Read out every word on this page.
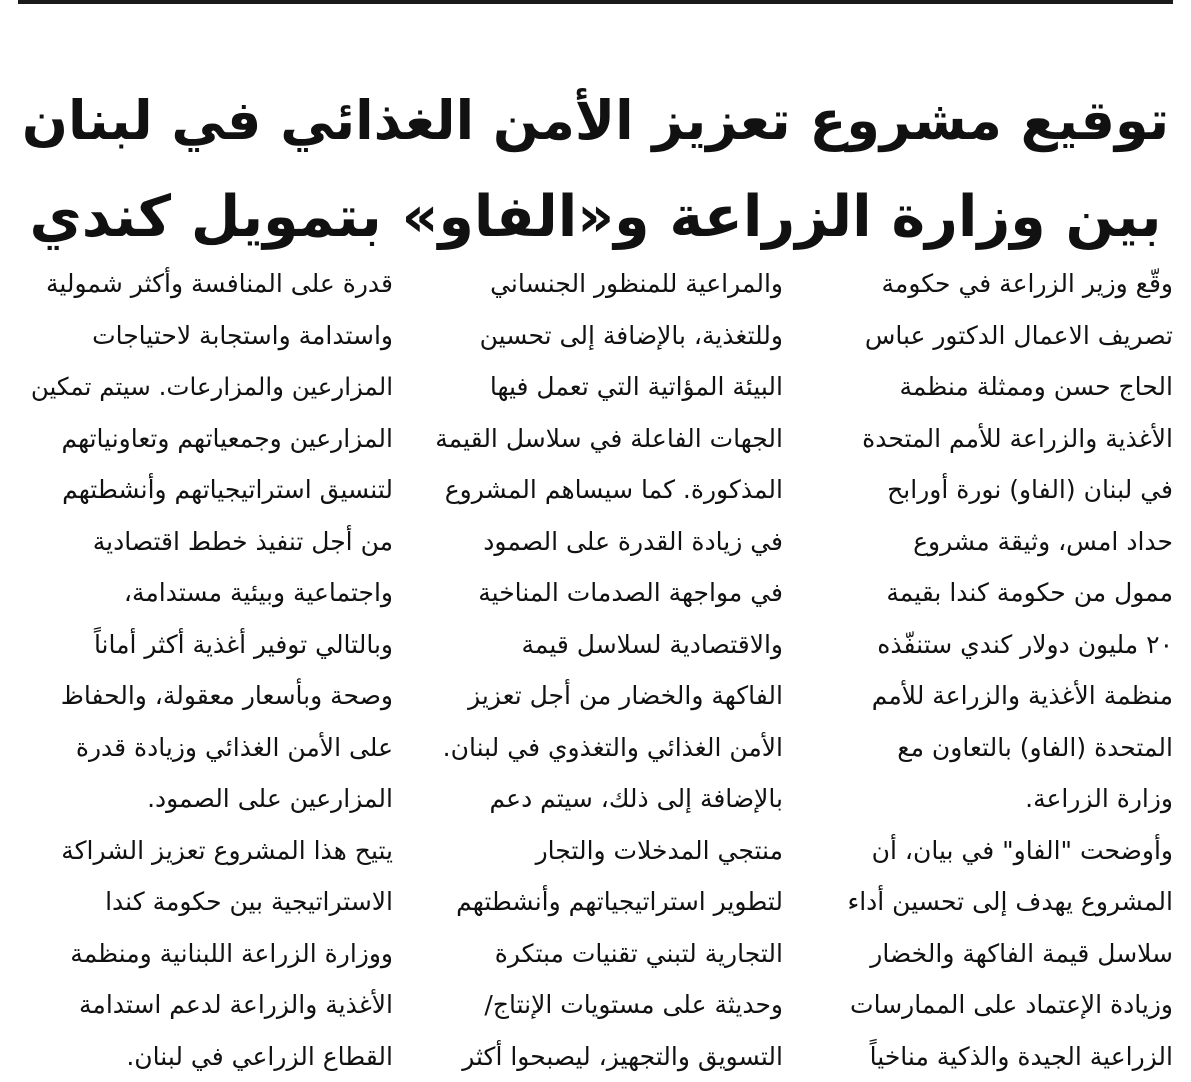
توقيع مشروع تعزيز الأمن الغذائي في لبنان
بين وزارة الزراعة و«الفاو» بتمويل كندي
وقّع وزير الزراعة في حكومة
تصريف الاعمال الدكتور عباس
الحاج حسن وممثلة منظمة
الأغذية والزراعة للأمم المتحدة
في لبنان (الفاو) نورة أورابح
حداد امس، وثيقة مشروع
ممول من حكومة كندا بقيمة
٢٠ مليون دولار كندي ستنفّذه
منظمة الأغذية والزراعة للأمم
المتحدة (الفاو) بالتعاون مع
وزارة الزراعة.
وأوضحت "الفاو" في بيان، أن
المشروع يهدف إلى تحسين أداء
سلاسل قيمة الفاكهة والخضار
وزيادة الإعتماد على الممارسات
الزراعية الجيدة والذكية مناخياً
والمراعية للمنظور الجنساني
وللتغذية، بالإضافة إلى تحسين
البيئة المؤاتية التي تعمل فيها
الجهات الفاعلة في سلاسل القيمة
المذكورة. كما سيساهم المشروع
في زيادة القدرة على الصمود
في مواجهة الصدمات المناخية
والاقتصادية لسلاسل قيمة
الفاكهة والخضار من أجل تعزيز
الأمن الغذائي والتغذوي في لبنان.
بالإضافة إلى ذلك، سيتم دعم
منتجي المدخلات والتجار
لتطوير استراتيجياتهم وأنشطتهم
التجارية لتبني تقنيات مبتكرة
وحديثة على مستويات الإنتاج/
التسويق والتجهيز، ليصبحوا أكثر
قدرة على المنافسة وأكثر شمولية
واستدامة واستجابة لاحتياجات
المزارعين والمزارعات. سيتم تمكين
المزارعين وجمعياتهم وتعاونياتهم
لتنسيق استراتيجياتهم وأنشطتهم
من أجل تنفيذ خطط اقتصادية
واجتماعية وبيئية مستدامة،
وبالتالي توفير أغذية أكثر أماناً
وصحة وبأسعار معقولة، والحفاظ
على الأمن الغذائي وزيادة قدرة
المزارعين على الصمود.
يتيح هذا المشروع تعزيز الشراكة
الاستراتيجية بين حكومة كندا
ووزارة الزراعة اللبنانية ومنظمة
الأغذية والزراعة لدعم استدامة
القطاع الزراعي في لبنان.
